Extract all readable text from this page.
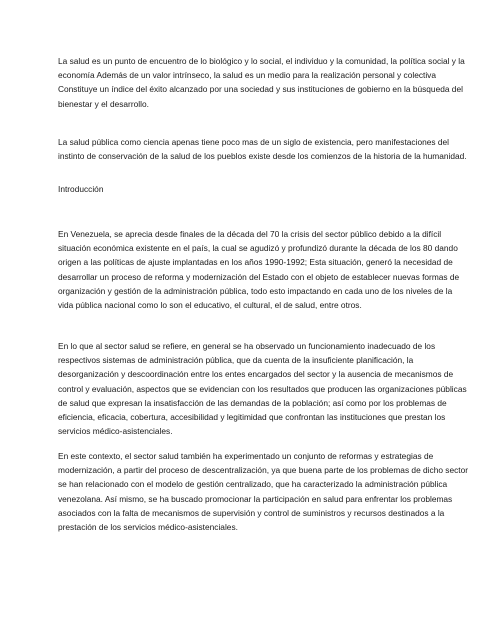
La salud es un punto de encuentro de lo biológico y lo social, el individuo y la comunidad, la política social y la economía Además de un valor intrínseco, la salud es un medio para la realización personal y colectiva Constituye un índice del éxito alcanzado por una sociedad y sus instituciones de gobierno en la búsqueda del bienestar y el desarrollo.

La salud pública como ciencia apenas tiene poco mas de un siglo de existencia, pero manifestaciones del instinto de conservación de la salud de los pueblos existe desde los comienzos de la historia de la humanidad.

Introducción

En Venezuela, se aprecia desde finales de la década del 70 la crisis del sector público debido a la difícil situación económica existente en el país, la cual se agudizó y profundizó durante la década de los 80 dando origen a las políticas de ajuste implantadas en los años 1990-1992; Esta situación, generó la necesidad de desarrollar un proceso de reforma y modernización del Estado con el objeto de establecer nuevas formas de organización y gestión de la administración pública, todo esto impactando en cada uno de los niveles de la vida pública nacional como lo son el educativo, el cultural, el de salud, entre otros.

En lo que al sector salud se refiere, en general se ha observado un funcionamiento inadecuado de los respectivos sistemas de administración pública, que da cuenta de la insuficiente planificación, la desorganización y descoordinación entre los entes encargados del sector y la ausencia de mecanismos de control y evaluación, aspectos que se evidencian con los resultados que producen las organizaciones públicas de salud que expresan la insatisfacción de las demandas de la población; así como por los problemas de eficiencia, eficacia, cobertura, accesibilidad y legitimidad que confrontan las instituciones que prestan los servicios médico-asistenciales.

En este contexto, el sector salud también ha experimentado un conjunto de reformas y estrategias de modernización, a partir del proceso de descentralización, ya que buena parte de los problemas de dicho sector se han relacionado con el modelo de gestión centralizado, que ha caracterizado la administración pública venezolana. Así mismo, se ha buscado promocionar la participación en salud para enfrentar los problemas asociados con la falta de mecanismos de supervisión y control de suministros y recursos destinados a la prestación de los servicios médico-asistenciales.
